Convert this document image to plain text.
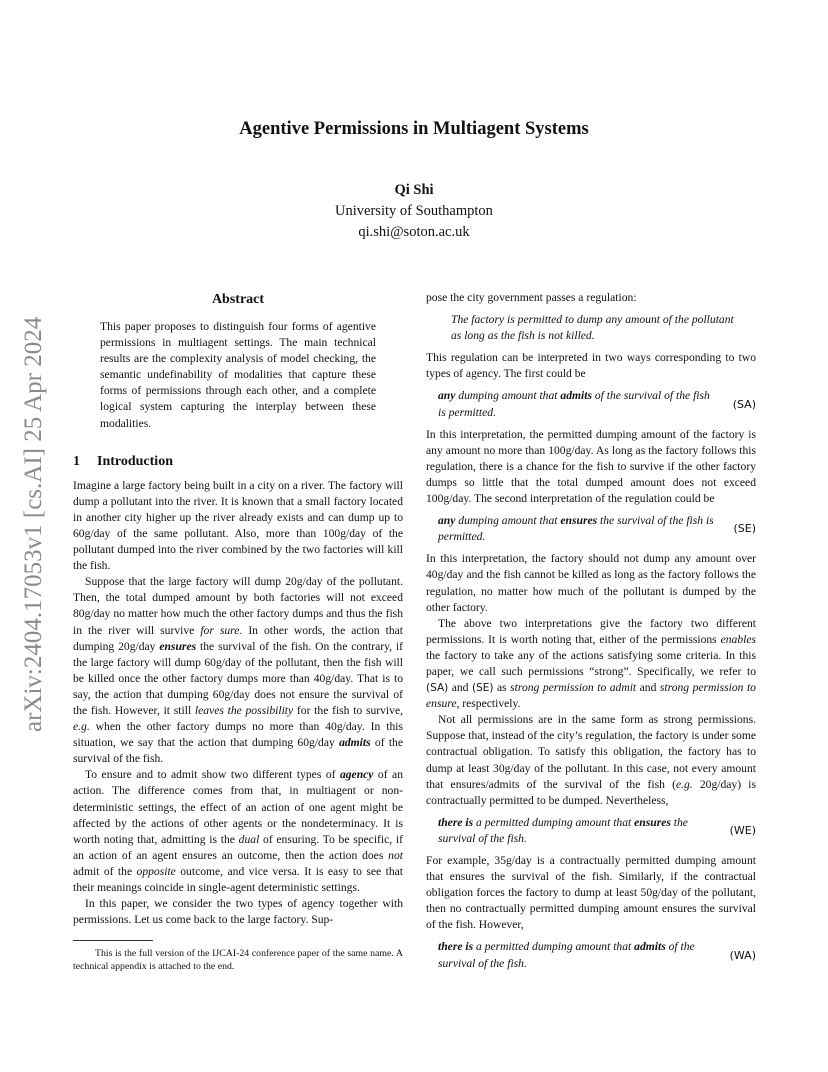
arXiv:2404.17053v1 [cs.AI] 25 Apr 2024
Agentive Permissions in Multiagent Systems
Qi Shi
University of Southampton
qi.shi@soton.ac.uk
Abstract
This paper proposes to distinguish four forms of agentive permissions in multiagent settings. The main technical results are the complexity analysis of model checking, the semantic undefinability of modalities that capture these forms of permissions through each other, and a complete logical system capturing the interplay between these modalities.
1 Introduction

Imagine a large factory being built in a city on a river. The factory will dump a pollutant into the river. It is known that a small factory located in another city higher up the river already exists and can dump up to 60g/day of the same pollutant. Also, more than 100g/day of the pollutant dumped into the river combined by the two factories will kill the fish.

Suppose that the large factory will dump 20g/day of the pollutant. Then, the total dumped amount by both factories will not exceed 80g/day no matter how much the other factory dumps and thus the fish in the river will survive for sure. In other words, the action that dumping 20g/day ensures the survival of the fish. On the contrary, if the large factory will dump 60g/day of the pollutant, then the fish will be killed once the other factory dumps more than 40g/day. That is to say, the action that dumping 60g/day does not ensure the survival of the fish. However, it still leaves the possibility for the fish to survive, e.g. when the other factory dumps no more than 40g/day. In this situation, we say that the action that dumping 60g/day admits of the survival of the fish.

To ensure and to admit show two different types of agency of an action. The difference comes from that, in multiagent or non-deterministic settings, the effect of an action of one agent might be affected by the actions of other agents or the nondeterminacy. It is worth noting that, admitting is the dual of ensuring. To be specific, if an action of an agent ensures an outcome, then the action does not admit of the opposite outcome, and vice versa. It is easy to see that their meanings coincide in single-agent deterministic settings.

In this paper, we consider the two types of agency together with permissions. Let us come back to the large factory. Sup-

This is the full version of the IJCAI-24 conference paper of the same name. A technical appendix is attached to the end.

pose the city government passes a regulation:

The factory is permitted to dump any amount of the pollutant as long as the fish is not killed.

This regulation can be interpreted in two ways corresponding to two types of agency. The first could be

any dumping amount that admits of the survival of the fish is permitted.
(SA)

In this interpretation, the permitted dumping amount of the factory is any amount no more than 100g/day. As long as the factory follows this regulation, there is a chance for the fish to survive if the other factory dumps so little that the total dumped amount does not exceed 100g/day. The second interpretation of the regulation could be

any dumping amount that ensures the survival of the fish is permitted.
(SE)

In this interpretation, the factory should not dump any amount over 40g/day and the fish cannot be killed as long as the factory follows the regulation, no matter how much of the pollutant is dumped by the other factory.

The above two interpretations give the factory two different permissions. It is worth noting that, either of the permissions enables the factory to take any of the actions satisfying some criteria. In this paper, we call such permissions “strong”. Specifically, we refer to (SA) and (SE) as strong permission to admit and strong permission to ensure, respectively.

Not all permissions are in the same form as strong permissions. Suppose that, instead of the city’s regulation, the factory is under some contractual obligation. To satisfy this obligation, the factory has to dump at least 30g/day of the pollutant. In this case, not every amount that ensures/admits of the survival of the fish (e.g. 20g/day) is contractually permitted to be dumped. Nevertheless,

there is a permitted dumping amount that ensures the survival of the fish.
(WE)

For example, 35g/day is a contractually permitted dumping amount that ensures the survival of the fish. Similarly, if the contractual obligation forces the factory to dump at least 50g/day of the pollutant, then no contractually permitted dumping amount ensures the survival of the fish. However,

there is a permitted dumping amount that admits of the survival of the fish.
(WA)
